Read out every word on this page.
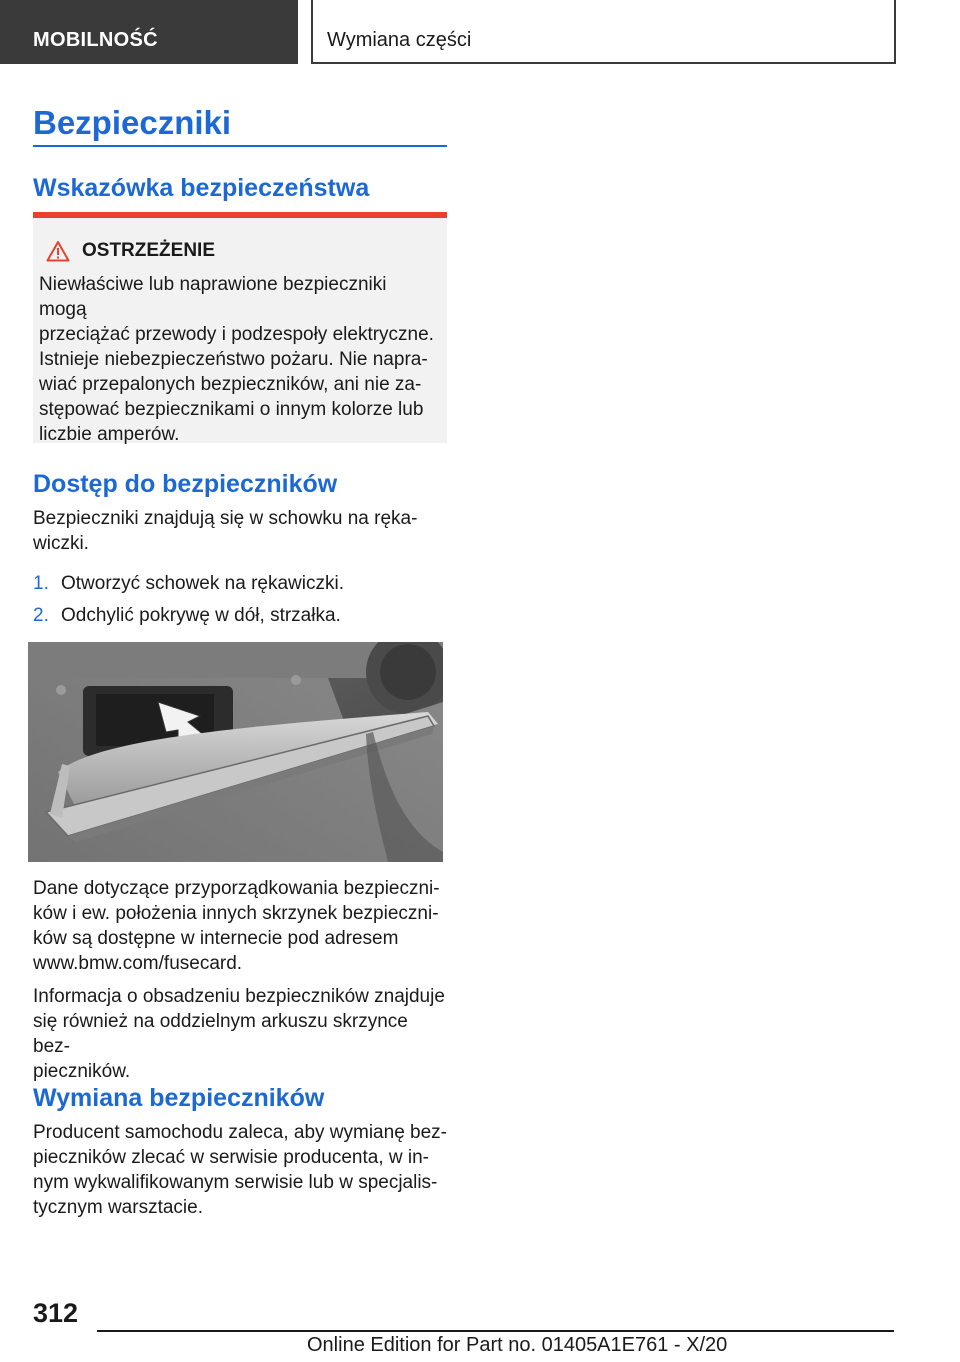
MOBILNOŚĆ	Wymiana części
Bezpieczniki
Wskazówka bezpieczeństwa
OSTRZEŻENIE
Niewłaściwe lub naprawione bezpieczniki mogą
przeciążać przewody i podzespoły elektryczne.
Istnieje niebezpieczeństwo pożaru. Nie napra-
wiać przepalonych bezpieczników, ani nie za-
stępować bezpiecznikami o innym kolorze lub
liczbie amperów.
Dostęp do bezpieczników
Bezpieczniki znajdują się w schowku na ręka-
wiczki.
1. Otworzyć schowek na rękawiczki.
2. Odchylić pokrywę w dół, strzałka.
Dane dotyczące przyporządkowania bezpieczni-
ków i ew. położenia innych skrzynek bezpieczni-
ków są dostępne w internecie pod adresem
www.bmw.com/fusecard.
Informacja o obsadzeniu bezpieczników znajduje
się również na oddzielnym arkuszu skrzynce bez-
pieczników.
Wymiana bezpieczników
Producent samochodu zaleca, aby wymianę bez-
pieczników zlecać w serwisie producenta, w in-
nym wykwalifikowanym serwisie lub w specjalis-
tycznym warsztacie.
312
Online Edition for Part no. 01405A1E761 - X/20
